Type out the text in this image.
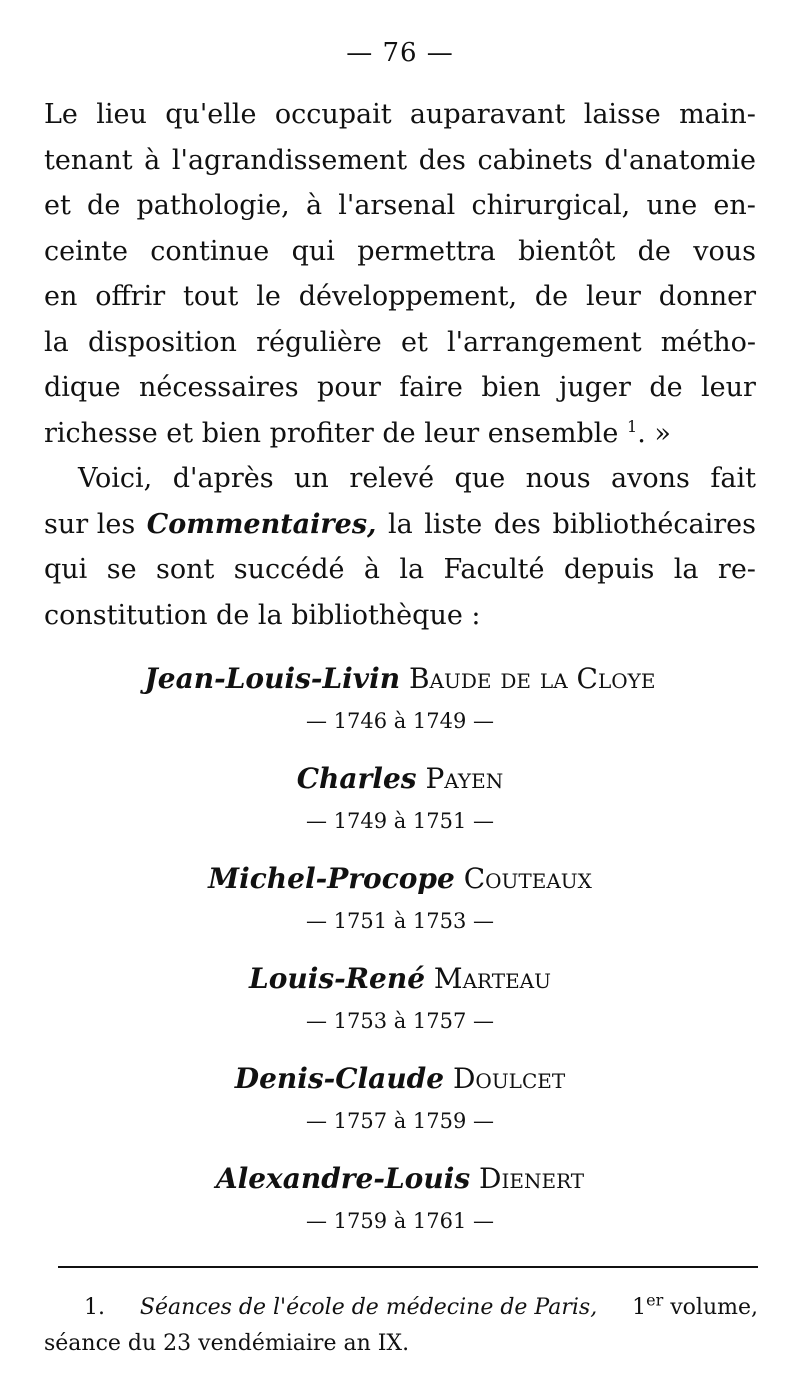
— 76 —
Le lieu qu'elle occupait auparavant laisse main-
tenant à l'agrandissement des cabinets d'anatomie
et de pathologie, à l'arsenal chirurgical, une en-
ceinte continue qui permettra bientôt de vous
en offrir tout le développement, de leur donner
la disposition régulière et l'arrangement métho-
dique nécessaires pour faire bien juger de leur
richesse et bien profiter de leur ensemble $^1$. »
Voici, d'après un relevé que nous avons fait
sur les Commentaires, la liste des bibliothécaires
qui se sont succédé à la Faculté depuis la re-
constitution de la bibliothèque :
Jean-Louis-Livin Baude de la Cloye
— 1746 à 1749 —
Charles Payen
— 1749 à 1751 —
Michel-Procope Couteaux
— 1751 à 1753 —
Louis-René Marteau
— 1753 à 1757 —
Denis-Claude Doulcet
— 1757 à 1759 —
Alexandre-Louis Dienert
— 1759 à 1761 —
1. Séances de l'école de médecine de Paris, 1er volume,
séance du 23 vendémiaire an IX.
